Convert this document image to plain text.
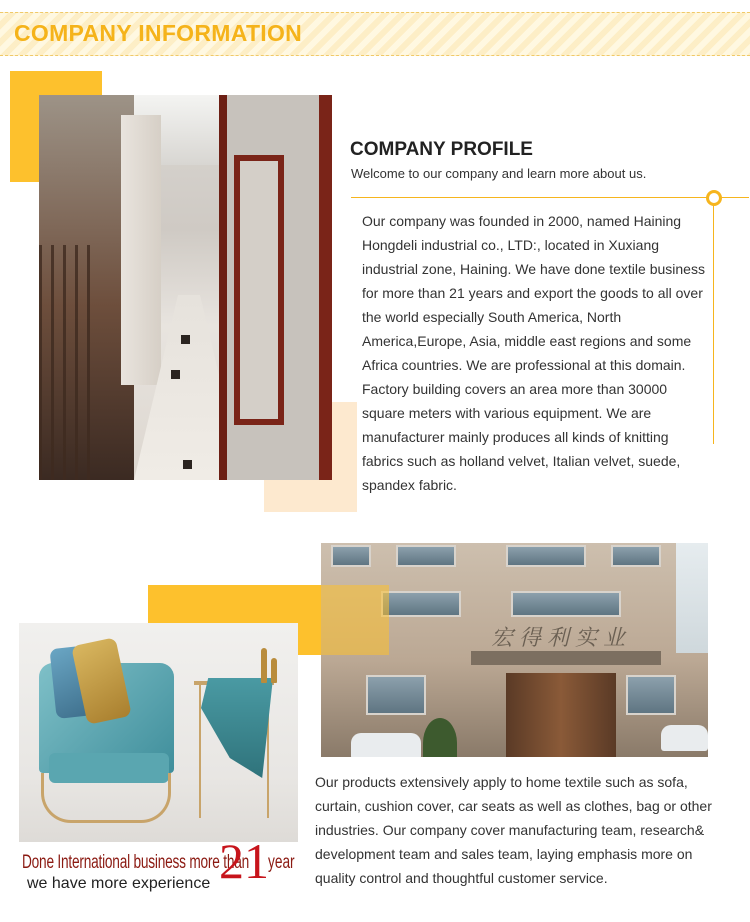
COMPANY INFORMATION
COMPANY PROFILE
Welcome to our company and learn more about us.
Our company was founded in 2000, named Haining Hongdeli industrial co., LTD:, located in Xuxiang industrial zone, Haining. We have done textile business for more than 21 years and export the goods to all over the world especially South America, North America,Europe, Asia, middle east regions and some Africa countries. We are professional at this domain. Factory building covers an area more than 30000 square meters with various equipment. We are manufacturer mainly produces all kinds of knitting fabrics such as holland velvet, Italian velvet, suede, spandex fabric.
宏得利实业
Done International business more than
21 year
we have more experience
Our products extensively apply to home textile such as sofa, curtain, cushion cover, car seats as well as clothes, bag or other industries. Our company cover manufacturing team, research& development team and sales team, laying emphasis more on quality control and thoughtful customer service.
